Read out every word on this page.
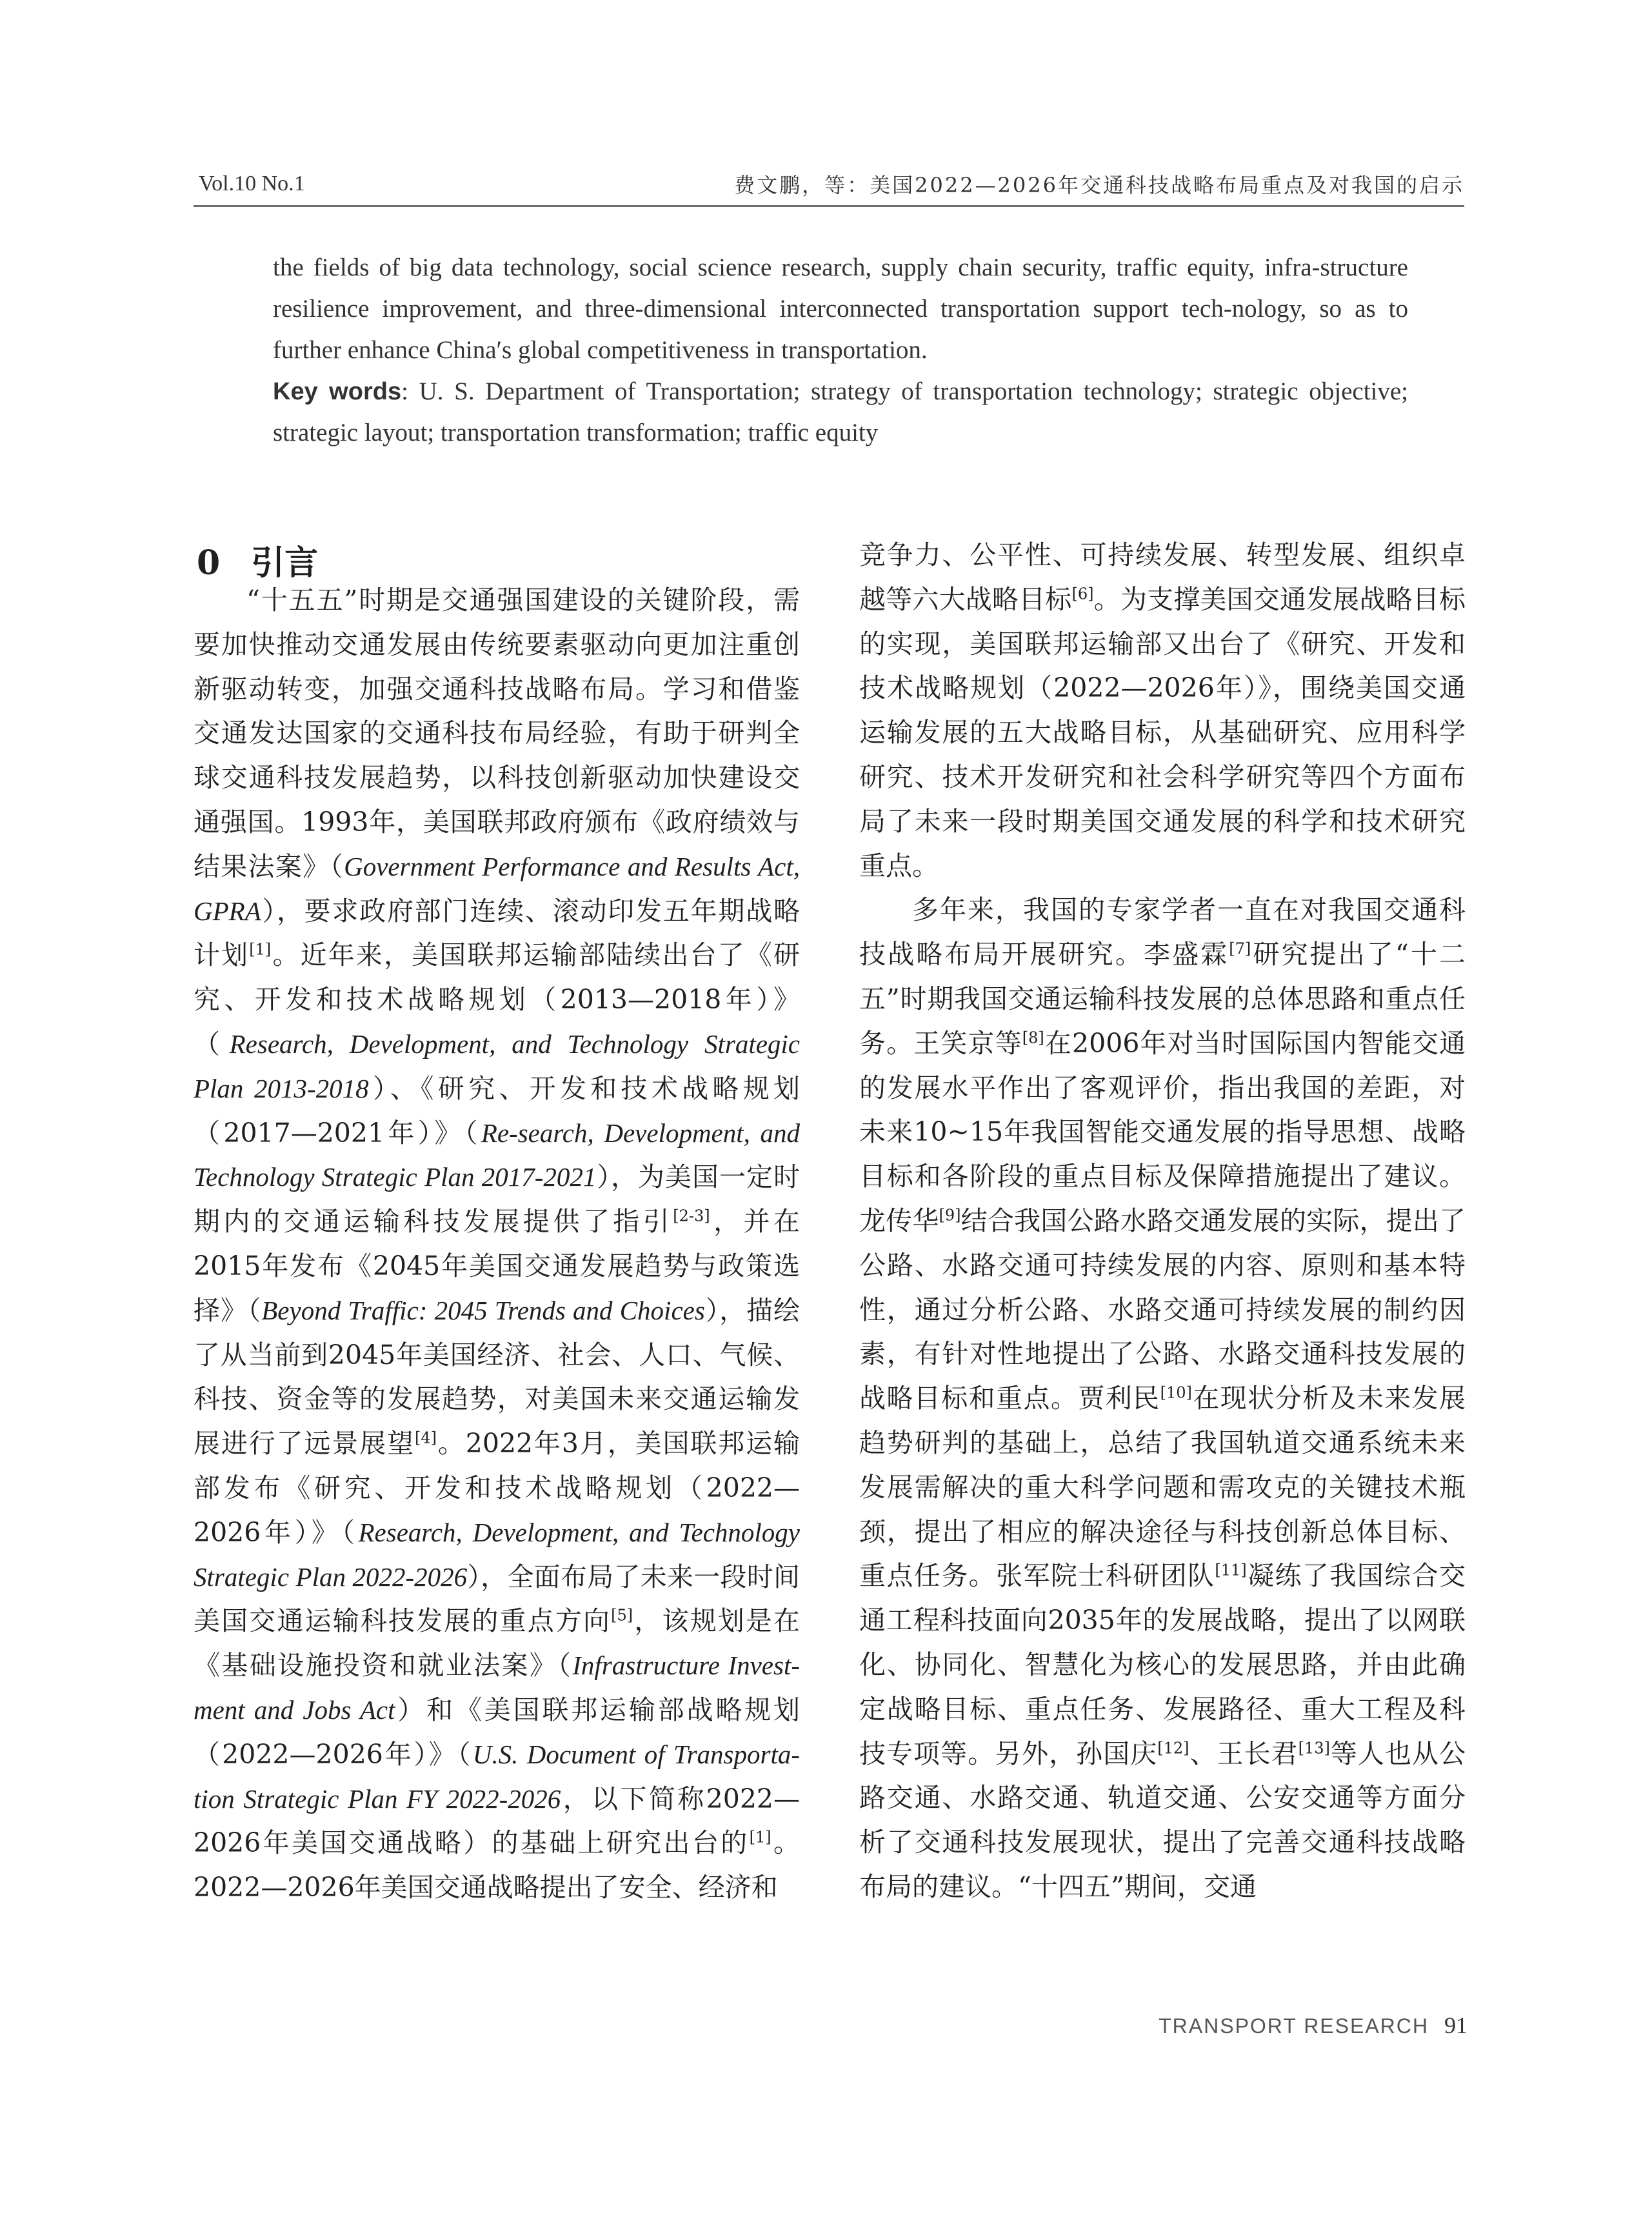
Vol.10 No.1	费文鹏，等：美国2022—2026年交通科技战略布局重点及对我国的启示

the fields of big data technology, social science research, supply chain security, traffic equity, infra-structure resilience improvement, and three-dimensional interconnected transportation support tech-nology, so as to further enhance China′s global competitiveness in transportation.

Key words: U. S. Department of Transportation; strategy of transportation technology; strategic objective; strategic layout; transportation transformation; traffic equity

0 引言

“十五五”时期是交通强国建设的关键阶段，需要加快推动交通发展由传统要素驱动向更加注重创新驱动转变，加强交通科技战略布局。学习和借鉴交通发达国家的交通科技布局经验，有助于研判全球交通科技发展趋势，以科技创新驱动加快建设交通强国。1993年，美国联邦政府颁布《政府绩效与结果法案》（Government Performance and Results Act, GPRA），要求政府部门连续、滚动印发五年期战略计划[1]。近年来，美国联邦运输部陆续出台了《研究、开发和技术战略规划（2013—2018年）》（Research, Development, and Technology Strategic Plan 2013-2018）、《研究、开发和技术战略规划（2017—2021年）》（Re-search, Development, and Technology Strategic Plan 2017-2021），为美国一定时期内的交通运输科技发展提供了指引[2-3]，并在2015年发布《2045年美国交通发展趋势与政策选择》（Beyond Traffic: 2045 Trends and Choices），描绘了从当前到2045年美国经济、社会、人口、气候、科技、资金等的发展趋势，对美国未来交通运输发展进行了远景展望[4]。2022年3月，美国联邦运输部发布《研究、开发和技术战略规划（2022—2026年）》（Research, Development, and Technology Strategic Plan 2022-2026），全面布局了未来一段时间美国交通运输科技发展的重点方向[5]，该规划是在《基础设施投资和就业法案》（Infrastructure Invest-ment and Jobs Act）和《美国联邦运输部战略规划（2022—2026年）》（U.S. Document of Transporta-tion Strategic Plan FY 2022-2026，以下简称2022—2026年美国交通战略）的基础上研究出台的[1]。2022—2026年美国交通战略提出了安全、经济和

竞争力、公平性、可持续发展、转型发展、组织卓越等六大战略目标[6]。为支撑美国交通发展战略目标的实现，美国联邦运输部又出台了《研究、开发和技术战略规划（2022—2026年）》，围绕美国交通运输发展的五大战略目标，从基础研究、应用科学研究、技术开发研究和社会科学研究等四个方面布局了未来一段时期美国交通发展的科学和技术研究重点。

多年来，我国的专家学者一直在对我国交通科技战略布局开展研究。李盛霖[7]研究提出了“十二五”时期我国交通运输科技发展的总体思路和重点任务。王笑京等[8]在2006年对当时国际国内智能交通的发展水平作出了客观评价，指出我国的差距，对未来10~15年我国智能交通发展的指导思想、战略目标和各阶段的重点目标及保障措施提出了建议。龙传华[9]结合我国公路水路交通发展的实际，提出了公路、水路交通可持续发展的内容、原则和基本特性，通过分析公路、水路交通可持续发展的制约因素，有针对性地提出了公路、水路交通科技发展的战略目标和重点。贾利民[10]在现状分析及未来发展趋势研判的基础上，总结了我国轨道交通系统未来发展需解决的重大科学问题和需攻克的关键技术瓶颈，提出了相应的解决途径与科技创新总体目标、重点任务。张军院士科研团队[11]凝练了我国综合交通工程科技面向2035年的发展战略，提出了以网联化、协同化、智慧化为核心的发展思路，并由此确定战略目标、重点任务、发展路径、重大工程及科技专项等。另外，孙国庆[12]、王长君[13]等人也从公路交通、水路交通、轨道交通、公安交通等方面分析了交通科技发展现状，提出了完善交通科技战略布局的建议。“十四五”期间，交通

TRANSPORT RESEARCH 91
